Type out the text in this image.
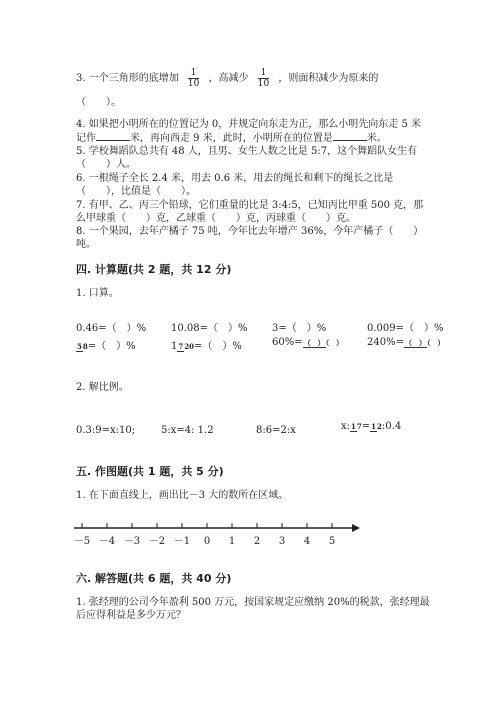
3. 一个三角形的底增加 $\frac{1}{10}$ ，高减少 $\frac{1}{10}$ ，则面积减少为原来的
（　　）。
4. 如果把小明所在的位置记为 0，并规定向东走为正，那么小明先向东走 5 米
记作	米，再向西走 9 米，此时，小明所在的位置是	米。
5. 学校舞蹈队总共有 48 人，且男、女生人数之比是 5:7，这个舞蹈队女生有
（　　）人。
6. 一根绳子全长 2.4 米，用去 0.6 米，用去的绳长和剩下的绳长之比是
（　　），比值是（　　）。
7. 有甲、乙、丙三个铅球，它们重量的比是 3:4:5，已知丙比甲重 500 克，那
么甲球重（　　）克，乙球重（　　）克，丙球重（　　）克。
8. 一个果园，去年产橘子 75 吨，今年比去年增产 36%，今年产橘子（　　）
吨。
四. 计算题(共 2 题，共 12 分)
1. 口算。
0.46=（　）% 10.08=（　）% 3=（　）%	0.009=（　）%
58=（　）%	1720=（　）%	60%=（　）（　） 240%=（　）（　）
2. 解比例。
0.3:9=x:10;	5:x=4: 1.2	8:6=2:x	x:17=12:0.4
五. 作图题(共 1 题，共 5 分)
1. 在下面直线上，画出比－3 大的数所在区域。
－5 －4 －3 －2 －1 0 1 2 3 4 5
六. 解答题(共 6 题，共 40 分)
1. 张经理的公司今年盈利 500 万元，按国家规定应缴纳 20%的税款，张经理最
后应得利益是多少万元？
